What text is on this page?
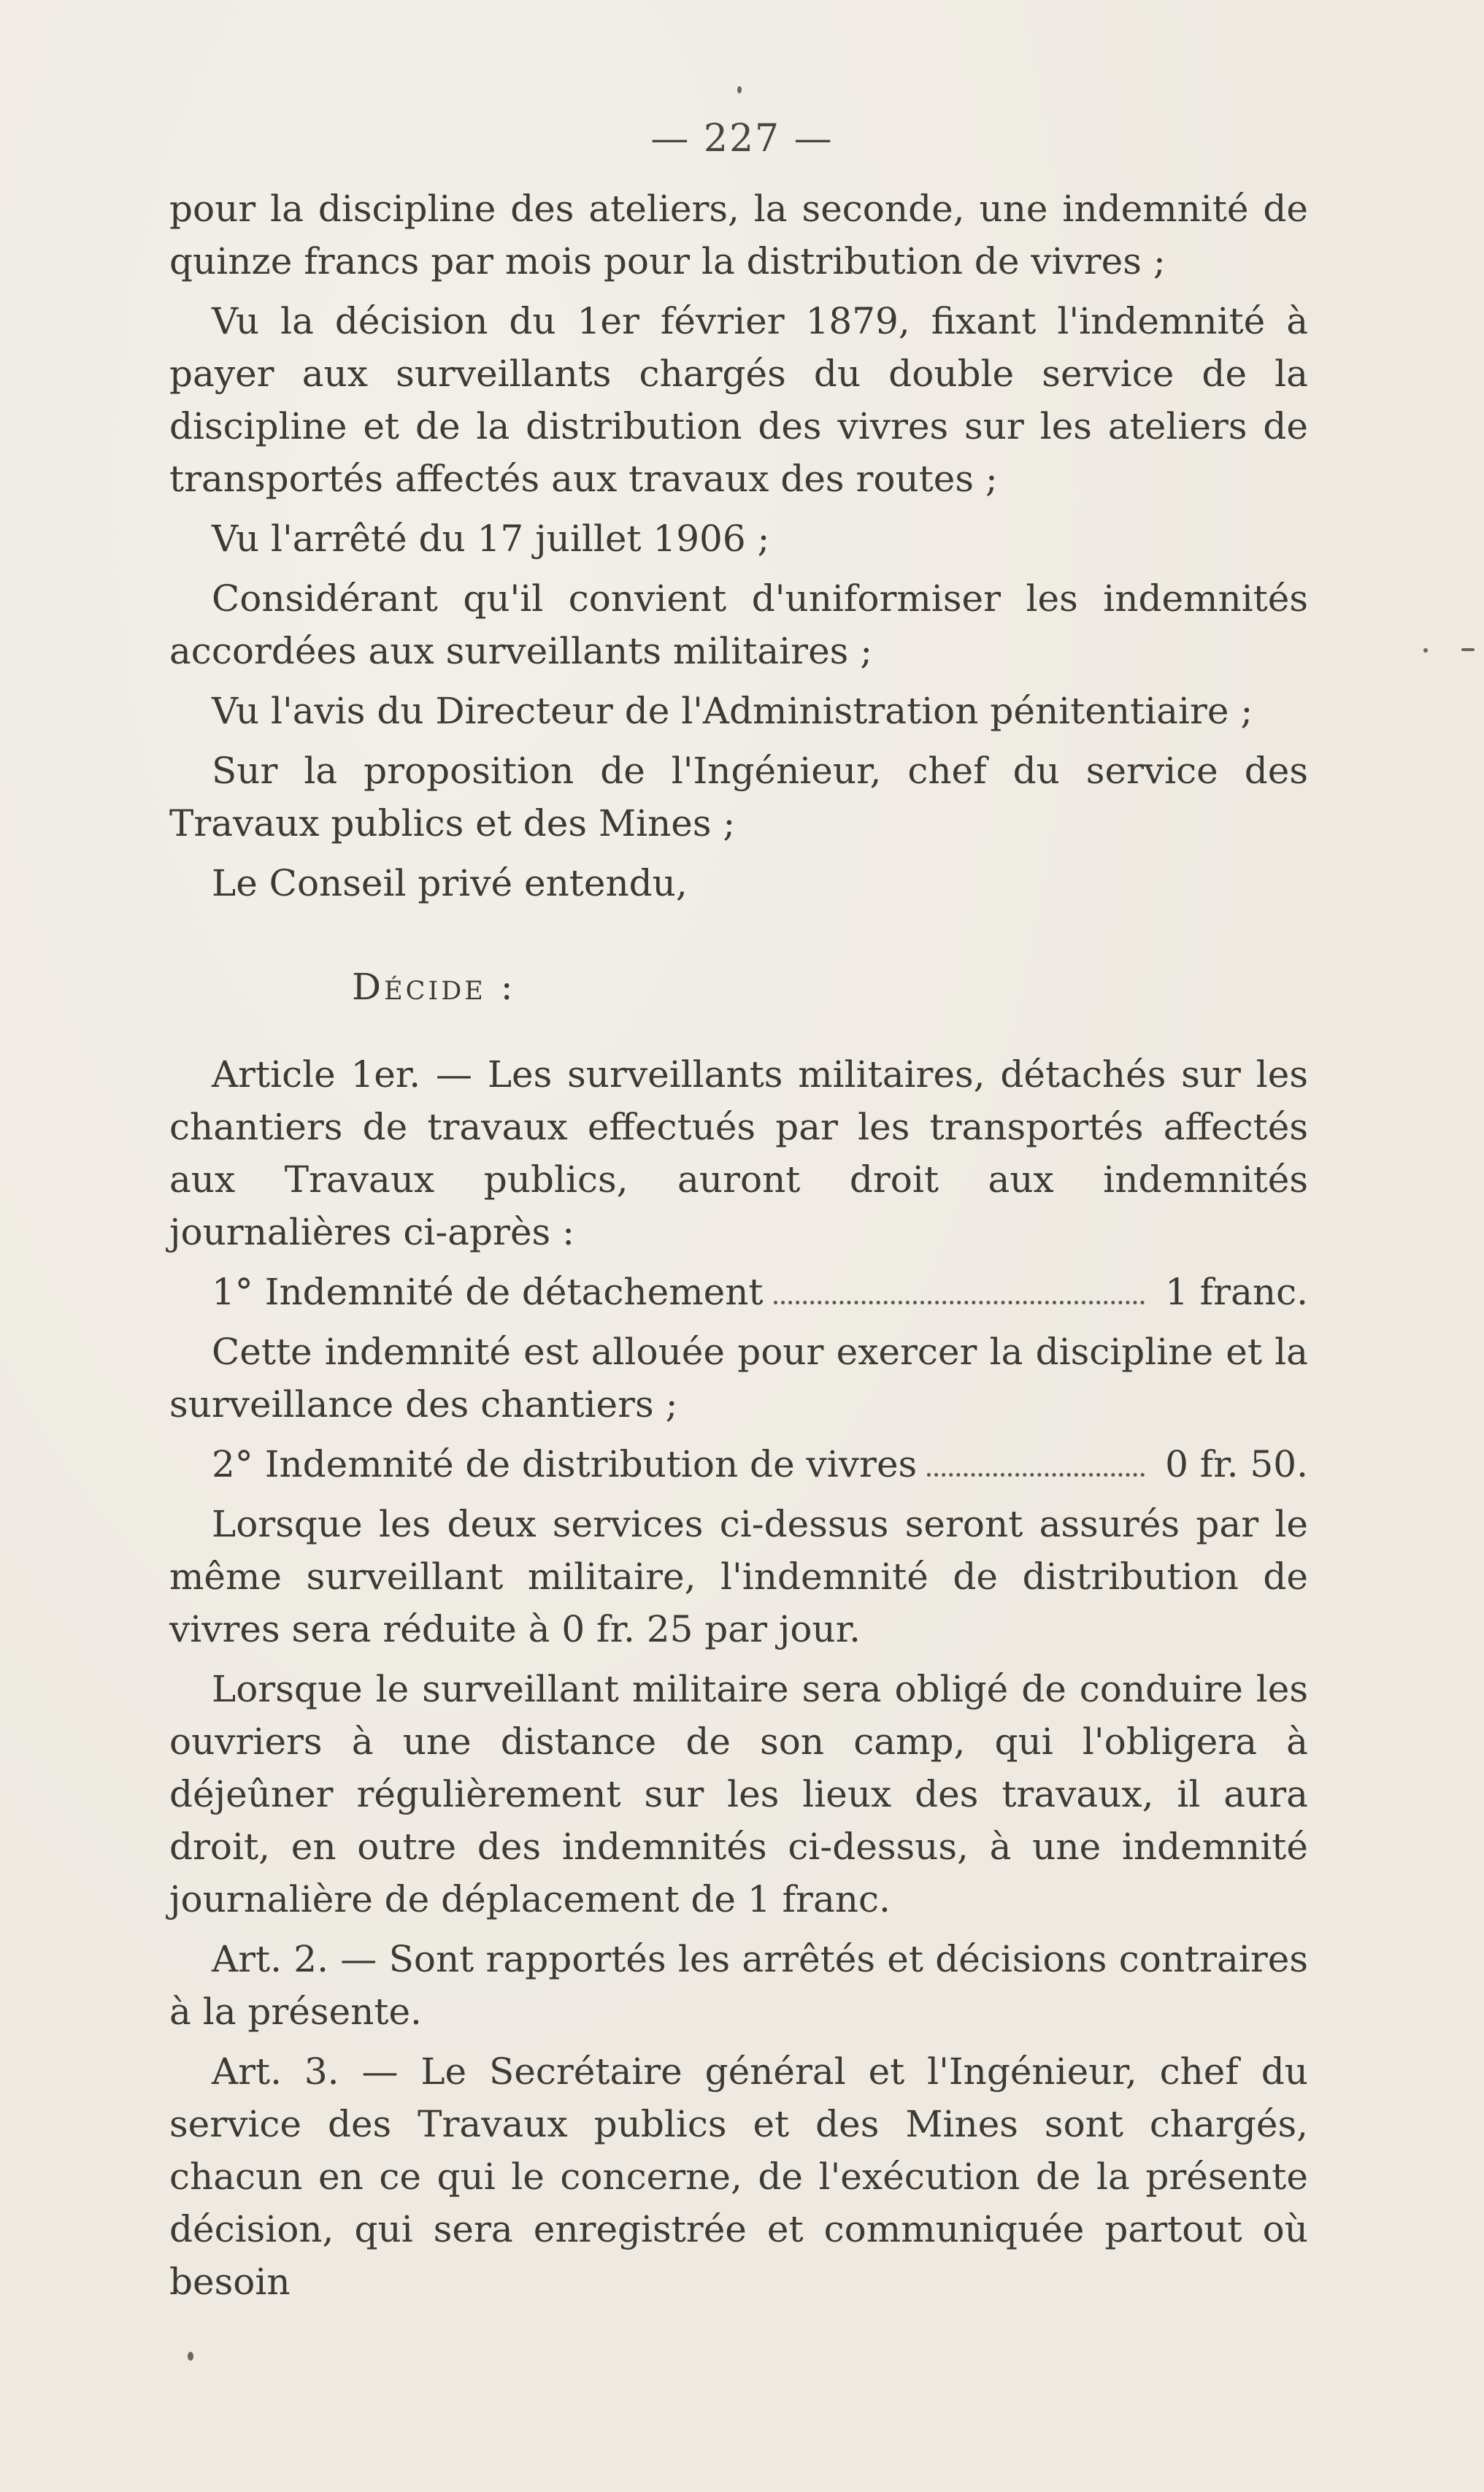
— 227 —

pour la discipline des ateliers, la seconde, une indemnité de quinze francs par mois pour la distribution de vivres ;

Vu la décision du 1er février 1879, fixant l'indemnité à payer aux surveillants chargés du double service de la discipline et de la distribution des vivres sur les ateliers de transportés affectés aux travaux des routes ;

Vu l'arrêté du 17 juillet 1906 ;

Considérant qu'il convient d'uniformiser les indemnités accordées aux surveillants militaires ;

Vu l'avis du Directeur de l'Administration pénitentiaire ;

Sur la proposition de l'Ingénieur, chef du service des Travaux publics et des Mines ;

Le Conseil privé entendu,

Décide :

Article 1er. — Les surveillants militaires, détachés sur les chantiers de travaux effectués par les transportés affectés aux Travaux publics, auront droit aux indemnités journalières ci-après :

1° Indemnité de détachement	1 franc.

Cette indemnité est allouée pour exercer la discipline et la surveillance des chantiers ;

2° Indemnité de distribution de vivres	0 fr. 50.

Lorsque les deux services ci-dessus seront assurés par le même surveillant militaire, l'indemnité de distribution de vivres sera réduite à 0 fr. 25 par jour.

Lorsque le surveillant militaire sera obligé de conduire les ouvriers à une distance de son camp, qui l'obligera à déjeûner régulièrement sur les lieux des travaux, il aura droit, en outre des indemnités ci-dessus, à une indemnité journalière de déplacement de 1 franc.

Art. 2. — Sont rapportés les arrêtés et décisions contraires à la présente.

Art. 3. — Le Secrétaire général et l'Ingénieur, chef du service des Travaux publics et des Mines sont chargés, chacun en ce qui le concerne, de l'exécution de la présente décision, qui sera enregistrée et communiquée partout où besoin
